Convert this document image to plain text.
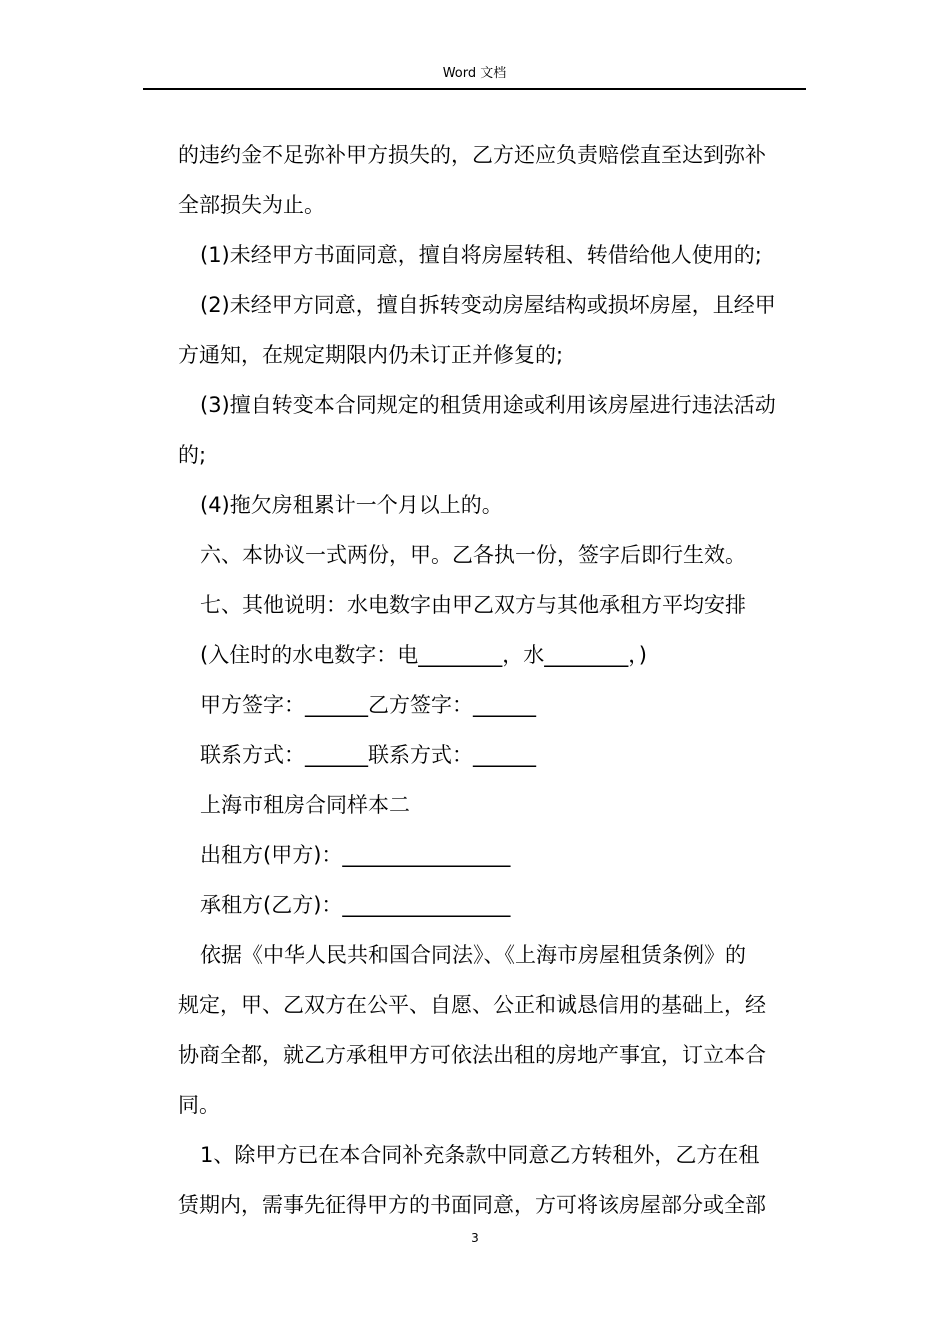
Word 文档

的违约金不足弥补甲方损失的，乙方还应负责赔偿直至达到弥补

全部损失为止。

(1)未经甲方书面同意，擅自将房屋转租、转借给他人使用的;

(2)未经甲方同意，擅自拆转变动房屋结构或损坏房屋，且经甲

方通知，在规定期限内仍未订正并修复的;

(3)擅自转变本合同规定的租赁用途或利用该房屋进行违法活动

的;

(4)拖欠房租累计一个月以上的。

六、本协议一式两份，甲。乙各执一份，签字后即行生效。

七、其他说明：水电数字由甲乙双方与其他承租方平均安排

(入住时的水电数字：电________，水________，)

甲方签字：______乙方签字：______

联系方式：______联系方式：______

上海市租房合同样本二

出租方(甲方)：________________

承租方(乙方)：________________

依据《中华人民共和国合同法》、《上海市房屋租赁条例》的

规定，甲、乙双方在公平、自愿、公正和诚恳信用的基础上，经

协商全都，就乙方承租甲方可依法出租的房地产事宜，订立本合

同。

1、除甲方已在本合同补充条款中同意乙方转租外，乙方在租

赁期内，需事先征得甲方的书面同意，方可将该房屋部分或全部

3
